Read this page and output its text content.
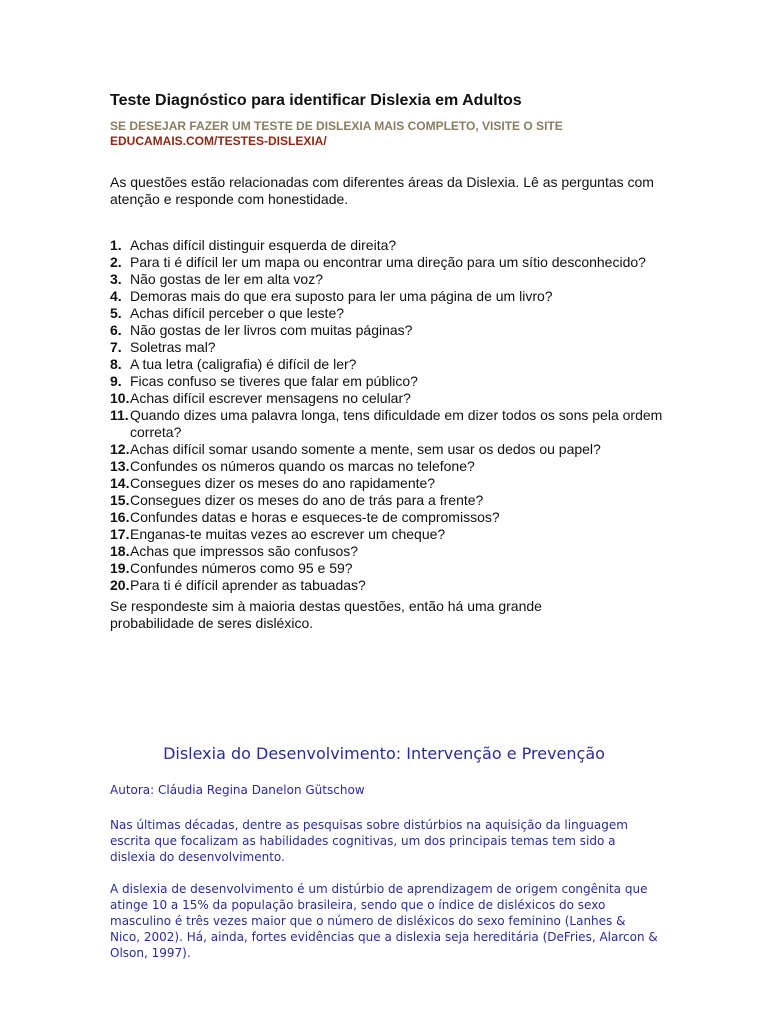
Teste Diagnóstico para identificar Dislexia em Adultos
SE DESEJAR FAZER UM TESTE DE DISLEXIA MAIS COMPLETO, VISITE O SITE
EDUCAMAIS.COM/TESTES-DISLEXIA/
As questões estão relacionadas com diferentes áreas da Dislexia. Lê as perguntas com atenção e responde com honestidade.
1. Achas difícil distinguir esquerda de direita?
2. Para ti é difícil ler um mapa ou encontrar uma direção para um sítio desconhecido?
3. Não gostas de ler em alta voz?
4. Demoras mais do que era suposto para ler uma página de um livro?
5. Achas difícil perceber o que leste?
6. Não gostas de ler livros com muitas páginas?
7. Soletras mal?
8. A tua letra (caligrafia) é difícil de ler?
9. Ficas confuso se tiveres que falar em público?
10. Achas difícil escrever mensagens no celular?
11. Quando dizes uma palavra longa, tens dificuldade em dizer todos os sons pela ordem correta?
12. Achas difícil somar usando somente a mente, sem usar os dedos ou papel?
13. Confundes os números quando os marcas no telefone?
14. Consegues dizer os meses do ano rapidamente?
15. Consegues dizer os meses do ano de trás para a frente?
16. Confundes datas e horas e esqueces-te de compromissos?
17. Enganas-te muitas vezes ao escrever um cheque?
18. Achas que impressos são confusos?
19. Confundes números como 95 e 59?
20. Para ti é difícil aprender as tabuadas?
Se respondeste sim à maioria destas questões, então há uma grande probabilidade de seres disléxico.
Dislexia do Desenvolvimento: Intervenção e Prevenção
Autora: Cláudia Regina Danelon Gütschow
Nas últimas décadas, dentre as pesquisas sobre distúrbios na aquisição da linguagem escrita que focalizam as habilidades cognitivas, um dos principais temas tem sido a dislexia do desenvolvimento.
A dislexia de desenvolvimento é um distúrbio de aprendizagem de origem congênita que atinge 10 a 15% da população brasileira, sendo que o índice de disléxicos do sexo masculino é três vezes maior que o número de disléxicos do sexo feminino (Lanhes & Nico, 2002). Há, ainda, fortes evidências que a dislexia seja hereditária (DeFries, Alarcon & Olson, 1997).
